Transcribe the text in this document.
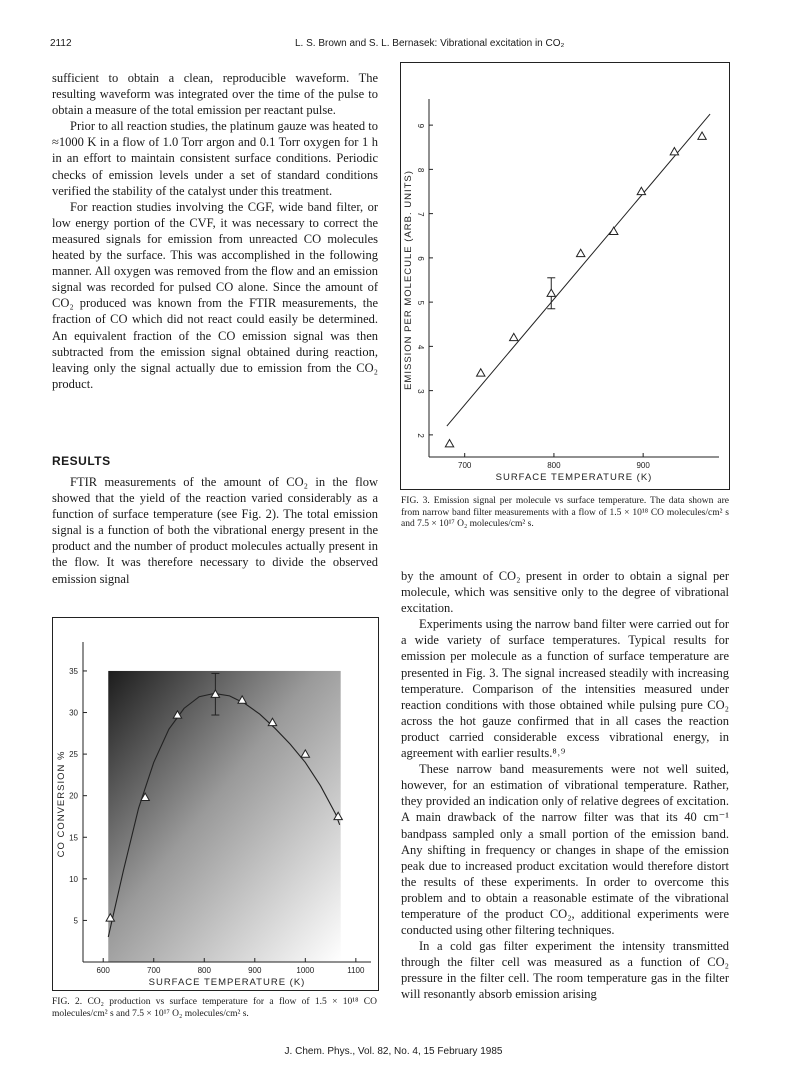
2112	L. S. Brown and S. L. Bernasek: Vibrational excitation in CO₂

sufficient to obtain a clean, reproducible waveform. The resulting waveform was integrated over the time of the pulse to obtain a measure of the total emission per reactant pulse.

Prior to all reaction studies, the platinum gauze was heated to ≈1000 K in a flow of 1.0 Torr argon and 0.1 Torr oxygen for 1 h in an effort to maintain consistent surface conditions. Periodic checks of emission levels under a set of standard conditions verified the stability of the catalyst under this treatment.

For reaction studies involving the CGF, wide band filter, or low energy portion of the CVF, it was necessary to correct the measured signals for emission from unreacted CO molecules heated by the surface. This was accomplished in the following manner. All oxygen was removed from the flow and an emission signal was recorded for pulsed CO alone. Since the amount of CO₂ produced was known from the FTIR measurements, the fraction of CO which did not react could easily be determined. An equivalent fraction of the CO emission signal was then subtracted from the emission signal obtained during reaction, leaving only the signal actually due to emission from the CO₂ product.

RESULTS

FTIR measurements of the amount of CO₂ in the flow showed that the yield of the reaction varied considerably as a function of surface temperature (see Fig. 2). The total emission signal is a function of both the vibrational energy present in the product and the number of product molecules actually present in the flow. It was therefore necessary to divide the observed emission signal

2
3
4
5
6
7
8
9
700	800	900
SURFACE TEMPERATURE (K)
EMISSION PER MOLECULE (ARB. UNITS)
FIG. 3. Emission signal per molecule vs surface temperature. The data shown are from narrow band filter measurements with a flow of 1.5 × 10¹⁸ CO molecules/cm² s and 7.5 × 10¹⁷ O₂ molecules/cm² s.
5
10
15
20
25
30
35
600	700	800	900	1000	1100
SURFACE TEMPERATURE (K)
CO CONVERSION %
FIG. 2. CO₂ production vs surface temperature for a flow of 1.5 × 10¹⁸ CO molecules/cm² s and 7.5 × 10¹⁷ O₂ molecules/cm² s.

by the amount of CO₂ present in order to obtain a signal per molecule, which was sensitive only to the degree of vibrational excitation.

Experiments using the narrow band filter were carried out for a wide variety of surface temperatures. Typical results for emission per molecule as a function of surface temperature are presented in Fig. 3. The signal increased steadily with increasing temperature. Comparison of the intensities measured under reaction conditions with those obtained while pulsing pure CO₂ across the hot gauze confirmed that in all cases the reaction product carried considerable excess vibrational energy, in agreement with earlier results.⁸˒⁹

These narrow band measurements were not well suited, however, for an estimation of vibrational temperature. Rather, they provided an indication only of relative degrees of excitation. A main drawback of the narrow filter was that its 40 cm⁻¹ bandpass sampled only a small portion of the emission band. Any shifting in frequency or changes in shape of the emission peak due to increased product excitation would therefore distort the results of these experiments. In order to overcome this problem and to obtain a reasonable estimate of the vibrational temperature of the product CO₂, additional experiments were conducted using other filtering techniques.

In a cold gas filter experiment the intensity transmitted through the filter cell was measured as a function of CO₂ pressure in the filter cell. The room temperature gas in the filter will resonantly absorb emission arising

J. Chem. Phys., Vol. 82, No. 4, 15 February 1985
